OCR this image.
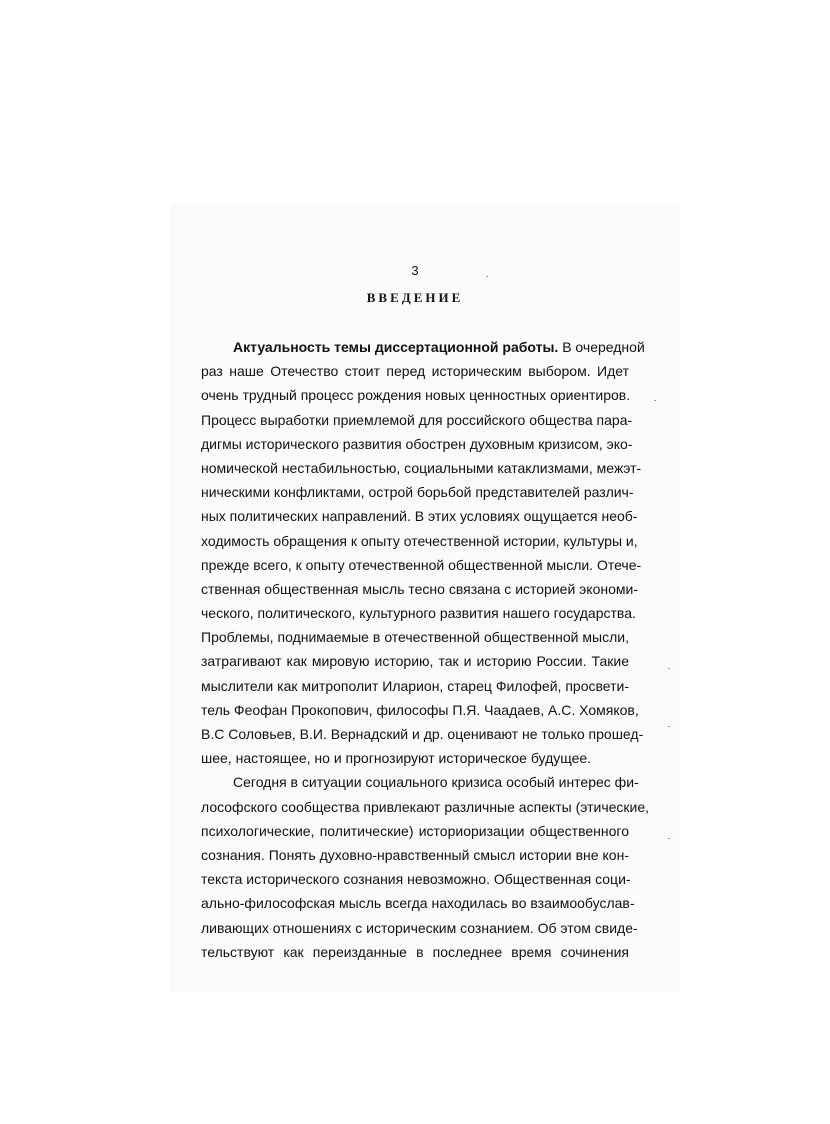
3
ВВЕДЕНИЕ
Актуальность темы диссертационной работы. В очередной
раз наше Отечество стоит перед историческим выбором. Идет
очень трудный процесс рождения новых ценностных ориентиров.
Процесс выработки приемлемой для российского общества пара-
дигмы исторического развития обострен духовным кризисом, эко-
номической нестабильностью, социальными катаклизмами, межэт-
ническими конфликтами, острой борьбой представителей различ-
ных политических направлений. В этих условиях ощущается необ-
ходимость обращения к опыту отечественной истории, культуры и,
прежде всего, к опыту отечественной общественной мысли. Отече-
ственная общественная мысль тесно связана с историей экономи-
ческого, политического, культурного развития нашего государства.
Проблемы, поднимаемые в отечественной общественной мысли,
затрагивают как мировую историю, так и историю России. Такие
мыслители как митрополит Иларион, старец Филофей, просвети-
тель Феофан Прокопович, философы П.Я. Чаадаев, А.С. Хомяков,
В.С Соловьев, В.И. Вернадский и др. оценивают не только прошед-
шее, настоящее, но и прогнозируют историческое будущее.
Сегодня в ситуации социального кризиса особый интерес фи-
лософского сообщества привлекают различные аспекты (этические,
психологические, политические) историоризации общественного
сознания. Понять духовно-нравственный смысл истории вне кон-
текста исторического сознания невозможно. Общественная соци-
ально-философская мысль всегда находилась во взаимообуслав-
ливающих отношениях с историческим сознанием. Об этом свиде-
тельствуют как переизданные в последнее время сочинения
